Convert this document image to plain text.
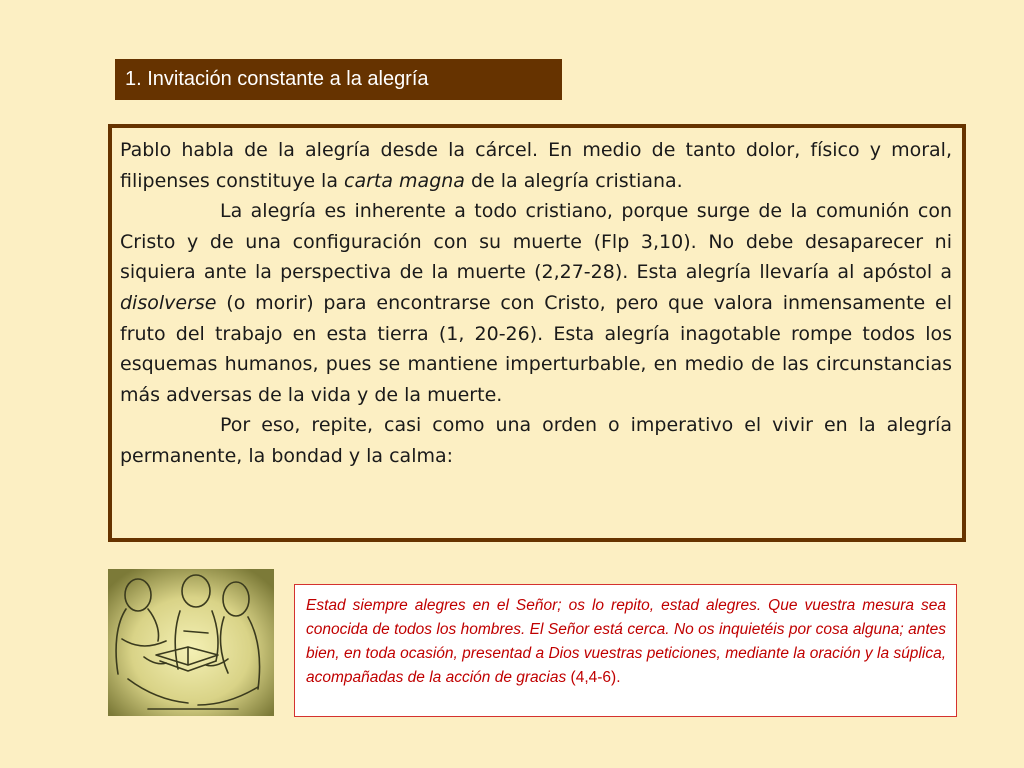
1. Invitación constante a la alegría

Pablo habla de la alegría desde la cárcel. En medio de tanto dolor, físico y moral, filipenses constituye la carta magna de la alegría cristiana.

La alegría es inherente a todo cristiano, porque surge de la comunión con Cristo y de una configuración con su muerte (Flp 3,10). No debe desaparecer ni siquiera ante la perspectiva de la muerte (2,27-28). Esta alegría llevaría al apóstol a disolverse (o morir) para encontrarse con Cristo, pero que valora inmensamente el fruto del trabajo en esta tierra (1, 20-26). Esta alegría inagotable rompe todos los esquemas humanos, pues se mantiene imperturbable, en medio de las circunstancias más adversas de la vida y de la muerte.

Por eso, repite, casi como una orden o imperativo el vivir en la alegría permanente, la bondad y la calma:

Estad siempre alegres en el Señor; os lo repito, estad alegres. Que vuestra mesura sea conocida de todos los hombres. El Señor está cerca. No os inquietéis por cosa alguna; antes bien, en toda ocasión, presentad a Dios vuestras peticiones, mediante la oración y la súplica, acompañadas de la acción de gracias (4,4-6).
